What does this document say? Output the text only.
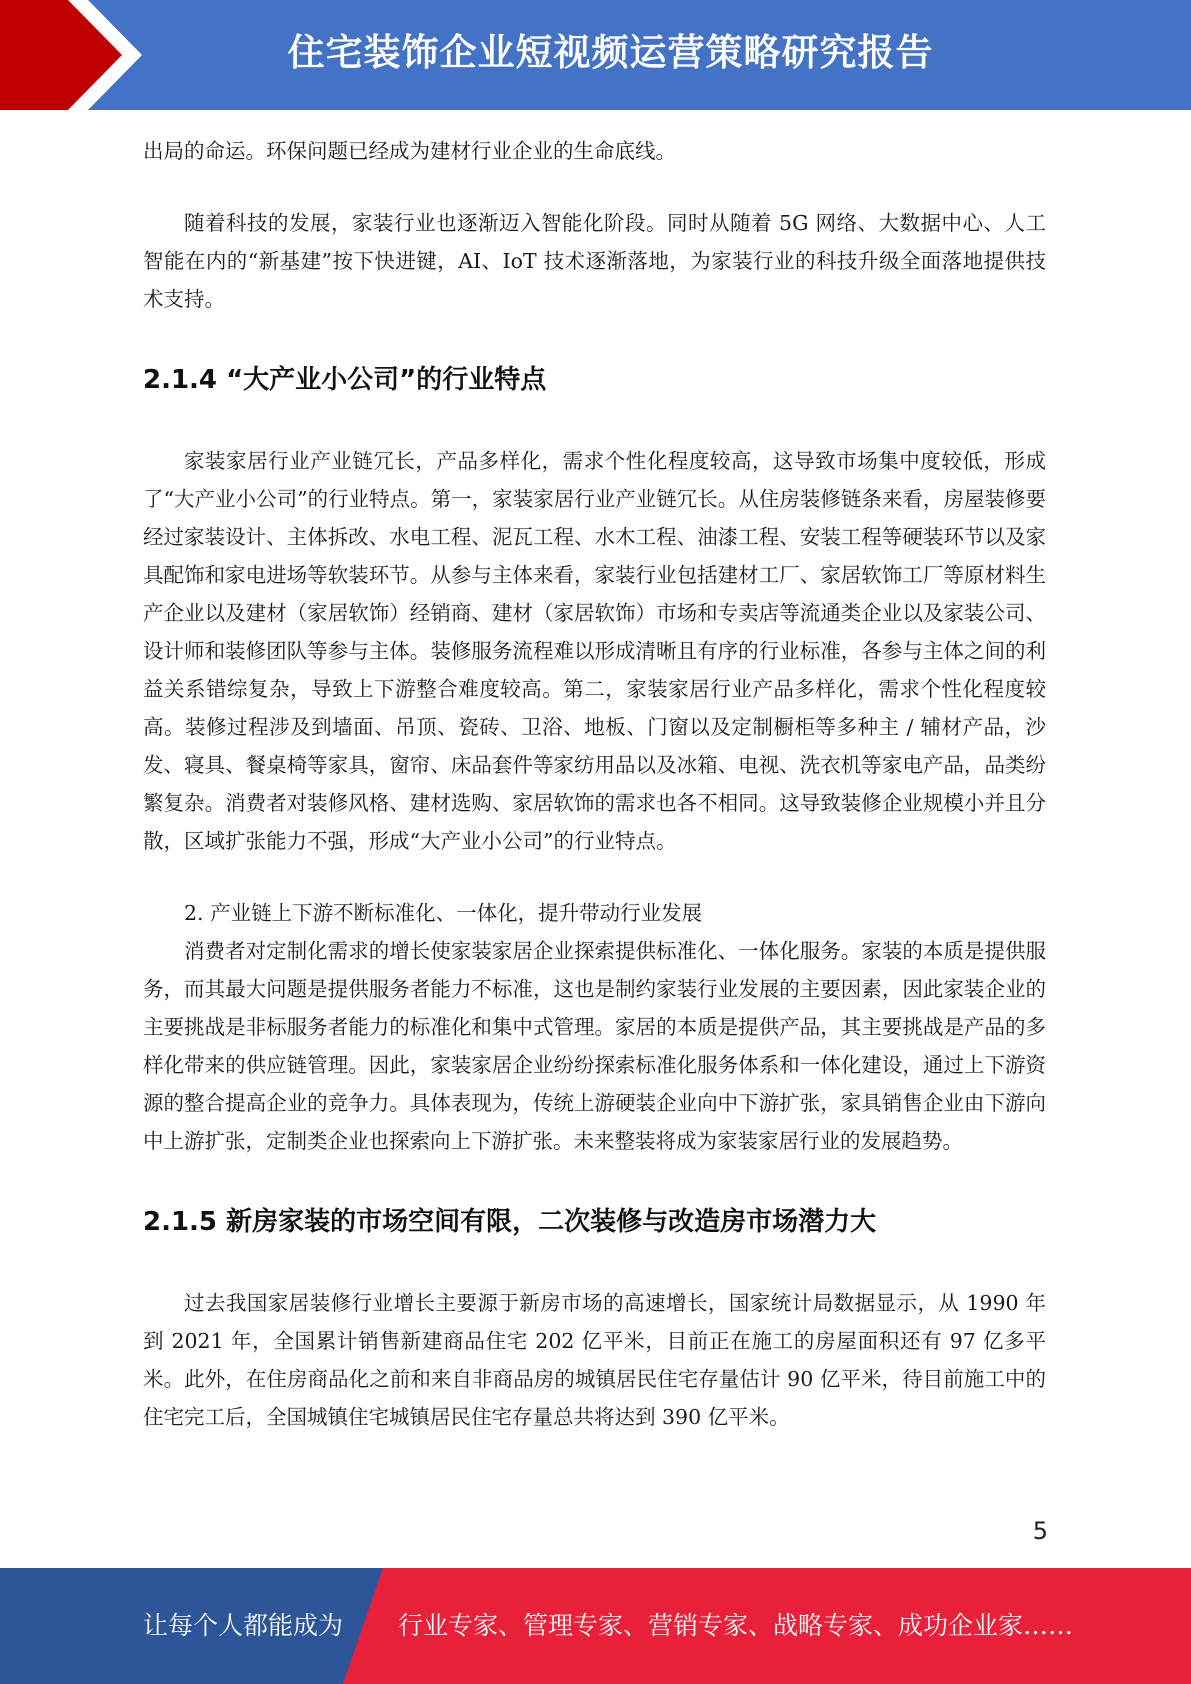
住宅装饰企业短视频运营策略研究报告

出局的命运。环保问题已经成为建材行业企业的生命底线。

随着科技的发展，家装行业也逐渐迈入智能化阶段。同时从随着 5G 网络、大数据中心、人工智能在内的“新基建”按下快进键，AI、IoT 技术逐渐落地，为家装行业的科技升级全面落地提供技术支持。

2.1.4 “大产业小公司”的行业特点

家装家居行业产业链冗长，产品多样化，需求个性化程度较高，这导致市场集中度较低，形成了“大产业小公司”的行业特点。第一，家装家居行业产业链冗长。从住房装修链条来看，房屋装修要经过家装设计、主体拆改、水电工程、泥瓦工程、水木工程、油漆工程、安装工程等硬装环节以及家具配饰和家电进场等软装环节。从参与主体来看，家装行业包括建材工厂、家居软饰工厂等原材料生产企业以及建材（家居软饰）经销商、建材（家居软饰）市场和专卖店等流通类企业以及家装公司、设计师和装修团队等参与主体。装修服务流程难以形成清晰且有序的行业标准，各参与主体之间的利益关系错综复杂，导致上下游整合难度较高。第二，家装家居行业产品多样化，需求个性化程度较高。装修过程涉及到墙面、吊顶、瓷砖、卫浴、地板、门窗以及定制橱柜等多种主 / 辅材产品，沙发、寝具、餐桌椅等家具，窗帘、床品套件等家纺用品以及冰箱、电视、洗衣机等家电产品，品类纷繁复杂。消费者对装修风格、建材选购、家居软饰的需求也各不相同。这导致装修企业规模小并且分散，区域扩张能力不强，形成“大产业小公司”的行业特点。

2. 产业链上下游不断标准化、一体化，提升带动行业发展

消费者对定制化需求的增长使家装家居企业探索提供标准化、一体化服务。家装的本质是提供服务，而其最大问题是提供服务者能力不标准，这也是制约家装行业发展的主要因素，因此家装企业的主要挑战是非标服务者能力的标准化和集中式管理。家居的本质是提供产品，其主要挑战是产品的多样化带来的供应链管理。因此，家装家居企业纷纷探索标准化服务体系和一体化建设，通过上下游资源的整合提高企业的竞争力。具体表现为，传统上游硬装企业向中下游扩张，家具销售企业由下游向中上游扩张，定制类企业也探索向上下游扩张。未来整装将成为家装家居行业的发展趋势。

2.1.5 新房家装的市场空间有限，二次装修与改造房市场潜力大

过去我国家居装修行业增长主要源于新房市场的高速增长，国家统计局数据显示，从 1990 年到 2021 年，全国累计销售新建商品住宅 202 亿平米，目前正在施工的房屋面积还有 97 亿多平米。此外，在住房商品化之前和来自非商品房的城镇居民住宅存量估计 90 亿平米，待目前施工中的住宅完工后，全国城镇住宅城镇居民住宅存量总共将达到 390 亿平米。

5
让每个人都能成为 行业专家、管理专家、营销专家、战略专家、成功企业家……
